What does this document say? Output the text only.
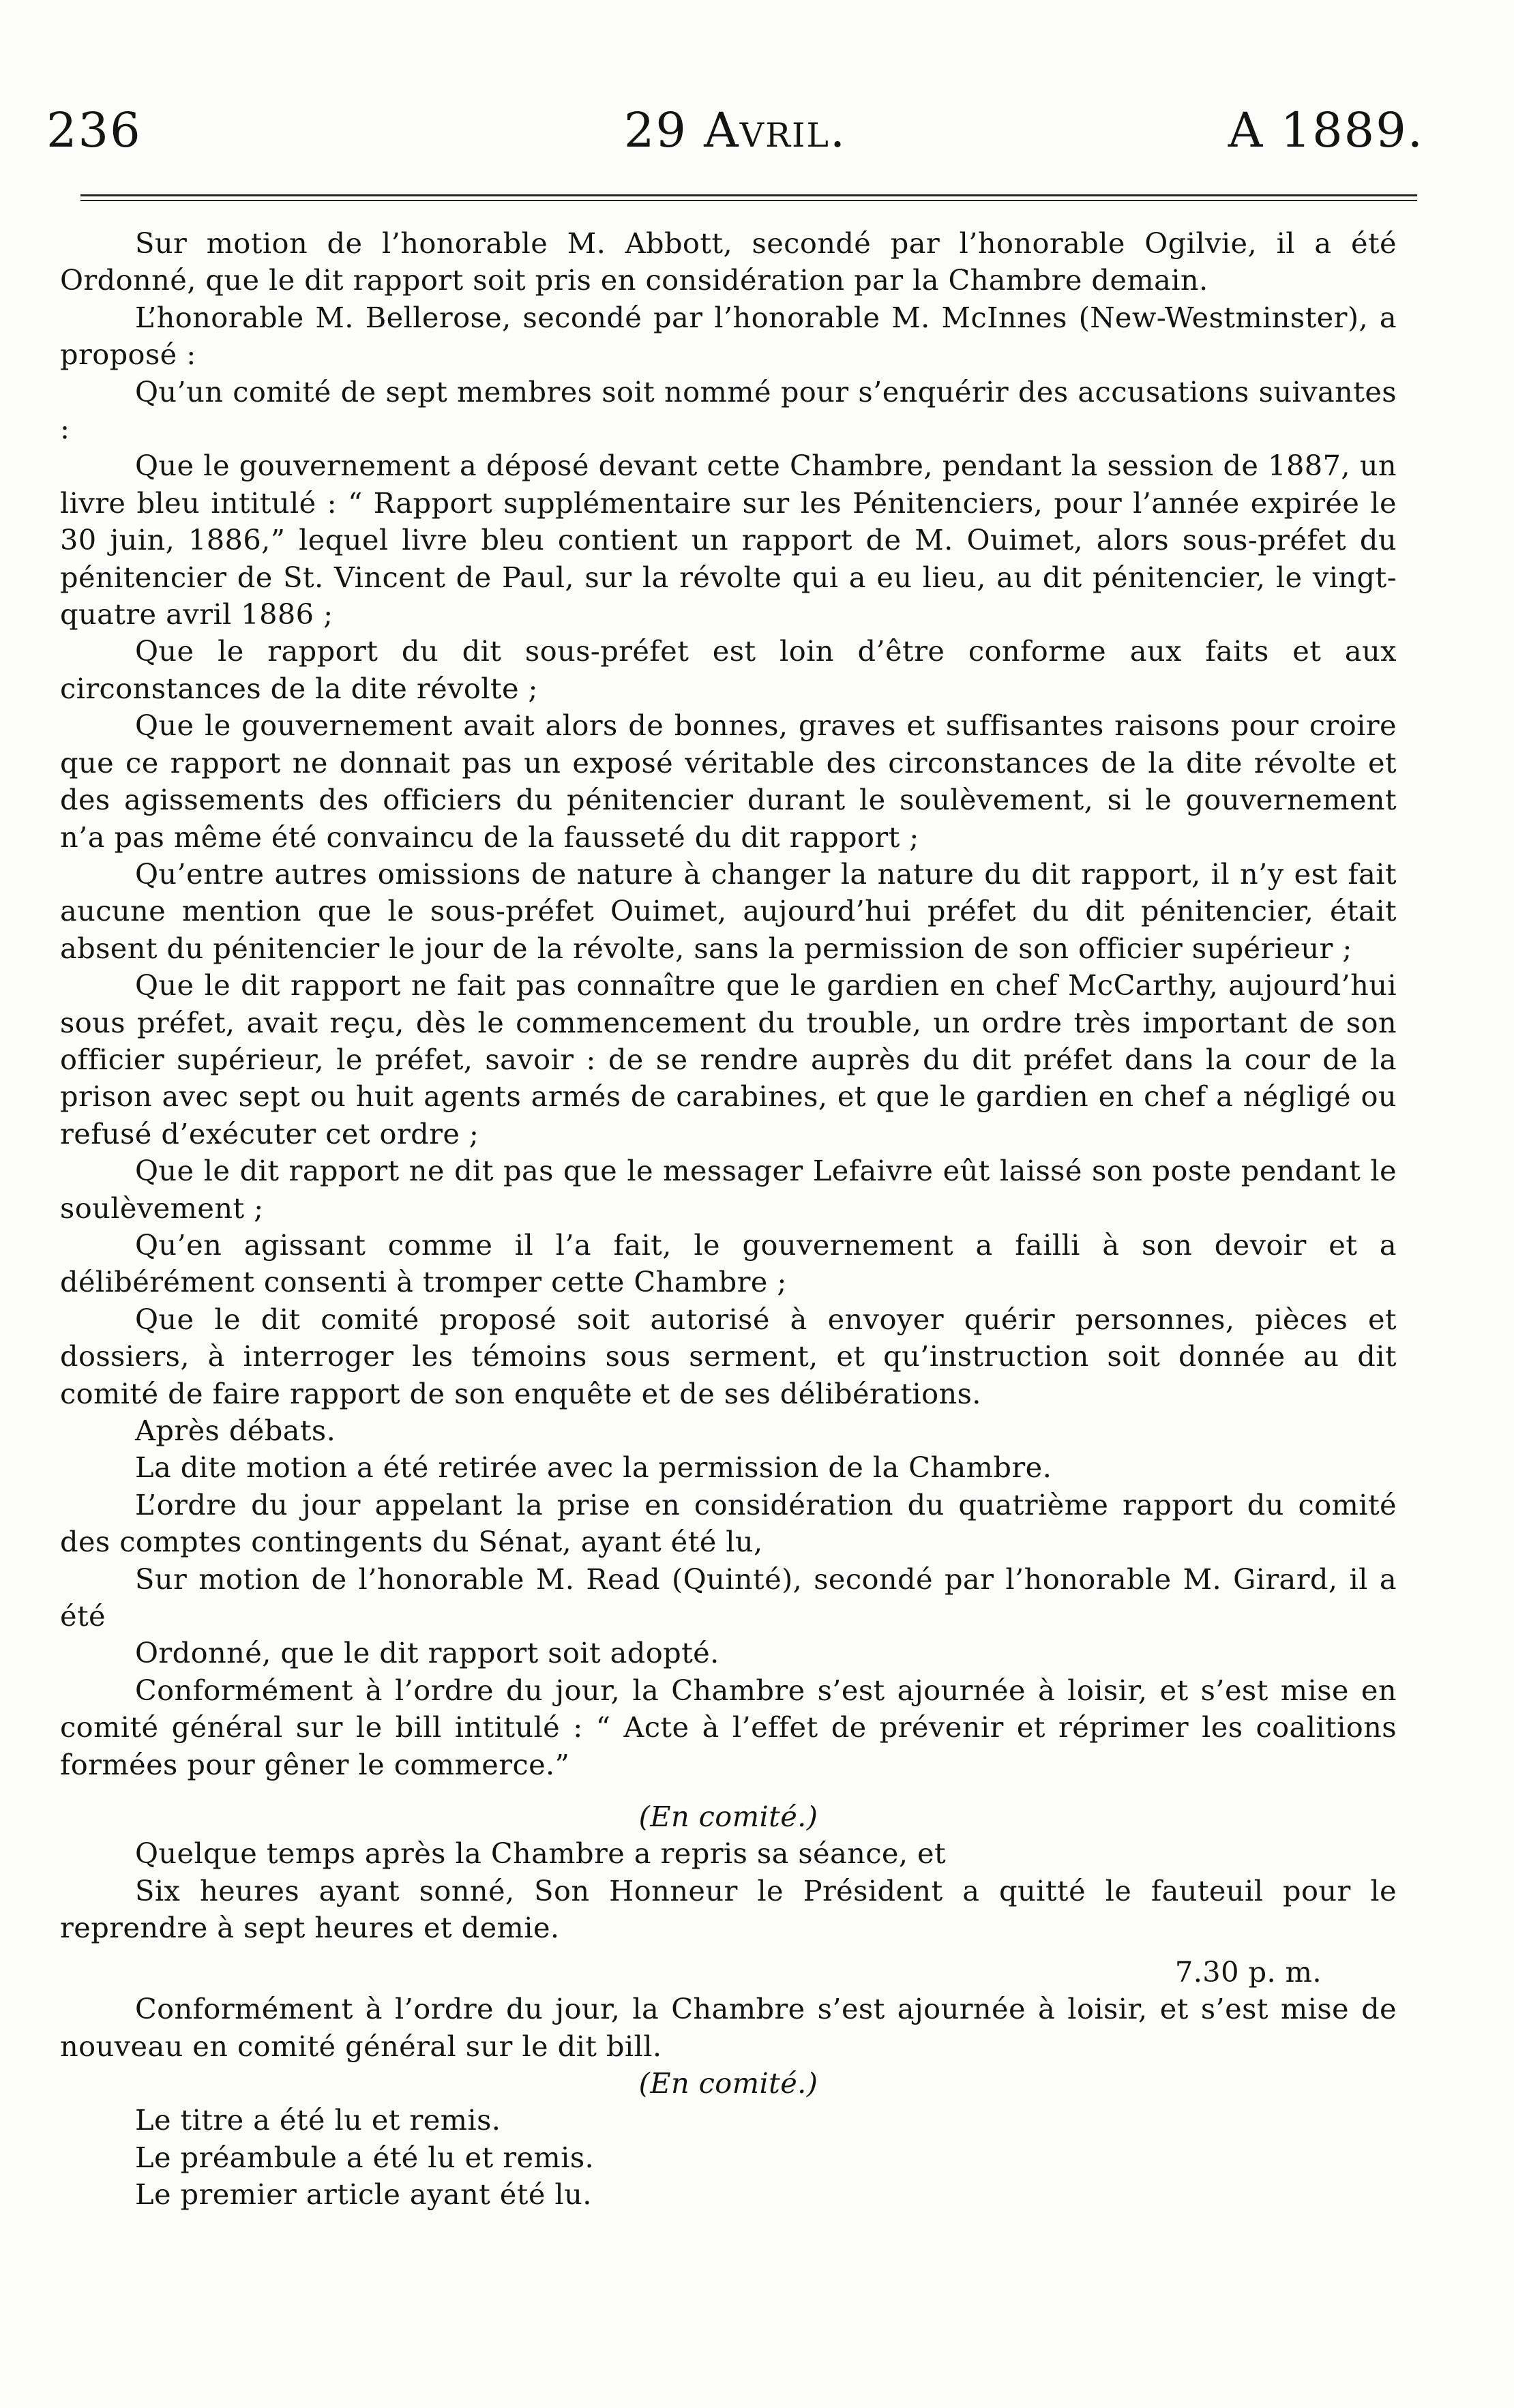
236	29 Avril.	A 1889.

Sur motion de l’honorable M. Abbott, secondé par l’honorable Ogilvie, il a été Ordonné, que le dit rapport soit pris en considération par la Chambre demain.

L’honorable M. Bellerose, secondé par l’honorable M. McInnes (New-Westminster), a proposé :

Qu’un comité de sept membres soit nommé pour s’enquérir des accusations suivantes :

Que le gouvernement a déposé devant cette Chambre, pendant la session de 1887, un livre bleu intitulé : “ Rapport supplémentaire sur les Pénitenciers, pour l’année expirée le 30 juin, 1886,” lequel livre bleu contient un rapport de M. Ouimet, alors sous-préfet du pénitencier de St. Vincent de Paul, sur la révolte qui a eu lieu, au dit pénitencier, le vingt-quatre avril 1886 ;

Que le rapport du dit sous-préfet est loin d’être conforme aux faits et aux circonstances de la dite révolte ;

Que le gouvernement avait alors de bonnes, graves et suffisantes raisons pour croire que ce rapport ne donnait pas un exposé véritable des circonstances de la dite révolte et des agissements des officiers du pénitencier durant le soulèvement, si le gouvernement n’a pas même été convaincu de la fausseté du dit rapport ;

Qu’entre autres omissions de nature à changer la nature du dit rapport, il n’y est fait aucune mention que le sous-préfet Ouimet, aujourd’hui préfet du dit pénitencier, était absent du pénitencier le jour de la révolte, sans la permission de son officier supérieur ;

Que le dit rapport ne fait pas connaître que le gardien en chef McCarthy, aujourd’hui sous préfet, avait reçu, dès le commencement du trouble, un ordre très important de son officier supérieur, le préfet, savoir : de se rendre auprès du dit préfet dans la cour de la prison avec sept ou huit agents armés de carabines, et que le gardien en chef a négligé ou refusé d’exécuter cet ordre ;

Que le dit rapport ne dit pas que le messager Lefaivre eût laissé son poste pendant le soulèvement ;

Qu’en agissant comme il l’a fait, le gouvernement a failli à son devoir et a délibérément consenti à tromper cette Chambre ;

Que le dit comité proposé soit autorisé à envoyer quérir personnes, pièces et dossiers, à interroger les témoins sous serment, et qu’instruction soit donnée au dit comité de faire rapport de son enquête et de ses délibérations.

Après débats.

La dite motion a été retirée avec la permission de la Chambre.

L’ordre du jour appelant la prise en considération du quatrième rapport du comité des comptes contingents du Sénat, ayant été lu,

Sur motion de l’honorable M. Read (Quinté), secondé par l’honorable M. Girard, il a été

Ordonné, que le dit rapport soit adopté.

Conformément à l’ordre du jour, la Chambre s’est ajournée à loisir, et s’est mise en comité général sur le bill intitulé : “ Acte à l’effet de prévenir et réprimer les coalitions formées pour gêner le commerce.”

(En comité.)

Quelque temps après la Chambre a repris sa séance, et

Six heures ayant sonné, Son Honneur le Président a quitté le fauteuil pour le reprendre à sept heures et demie.

7.30 p. m.

Conformément à l’ordre du jour, la Chambre s’est ajournée à loisir, et s’est mise de nouveau en comité général sur le dit bill.

(En comité.)

Le titre a été lu et remis.

Le préambule a été lu et remis.

Le premier article ayant été lu.
